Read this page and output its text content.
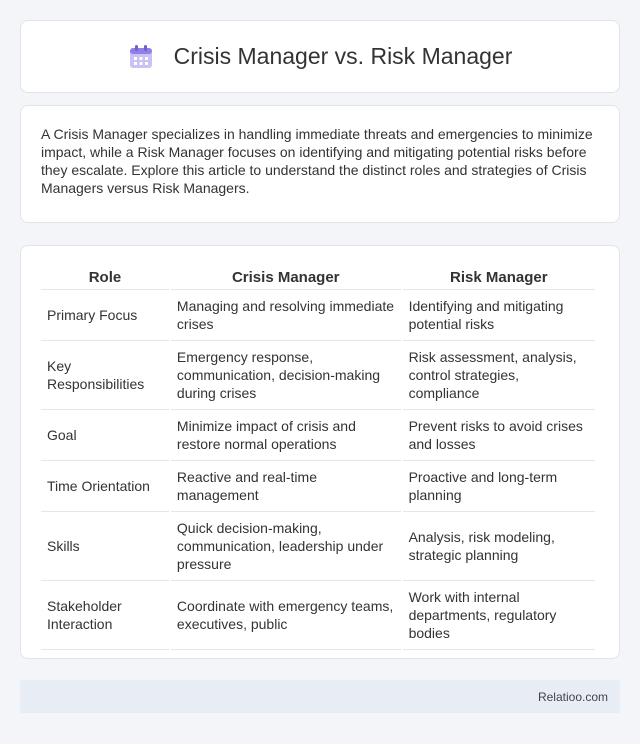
Crisis Manager vs. Risk Manager

A Crisis Manager specializes in handling immediate threats and emergencies to minimize impact, while a Risk Manager focuses on identifying and mitigating potential risks before they escalate. Explore this article to understand the distinct roles and strategies of Crisis Managers versus Risk Managers.

Role	Crisis Manager	Risk Manager
Primary Focus	Managing and resolving immediate crises	Identifying and mitigating potential risks
Key Responsibilities	Emergency response, communication, decision-making during crises	Risk assessment, analysis, control strategies, compliance
Goal	Minimize impact of crisis and restore normal operations	Prevent risks to avoid crises and losses
Time Orientation	Reactive and real-time management	Proactive and long-term planning
Skills	Quick decision-making, communication, leadership under pressure	Analysis, risk modeling, strategic planning
Stakeholder Interaction	Coordinate with emergency teams, executives, public	Work with internal departments, regulatory bodies
Relatioo.com
